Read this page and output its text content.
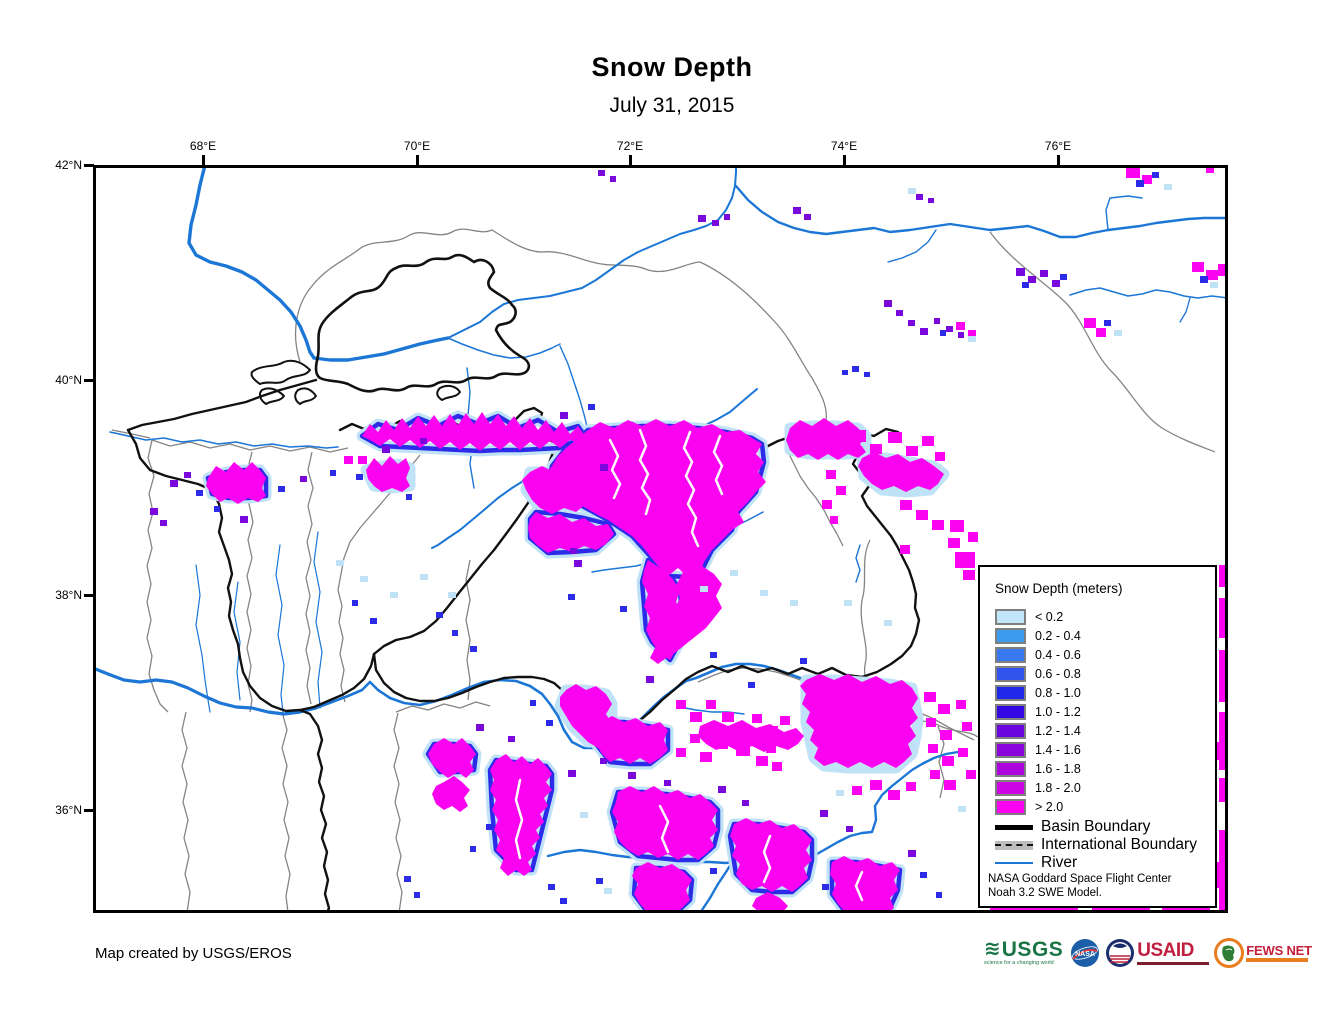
Snow Depth
July 31, 2015
68°E	70°E	72°E	74°E	76°E
42°N
40°N
38°N
36°N
Snow Depth (meters)
< 0.2
0.2 - 0.4
0.4 - 0.6
0.6 - 0.8
0.8 - 1.0
1.0 - 1.2
1.2 - 1.4
1.4 - 1.6
1.6 - 1.8
1.8 - 2.0
> 2.0
Basin Boundary
International Boundary
River
NASA Goddard Space Flight Center
Noah 3.2 SWE Model.
Map created by USGS/EROS	≋ USGS
science for a changing world
NASA USAID	FEWS NET
